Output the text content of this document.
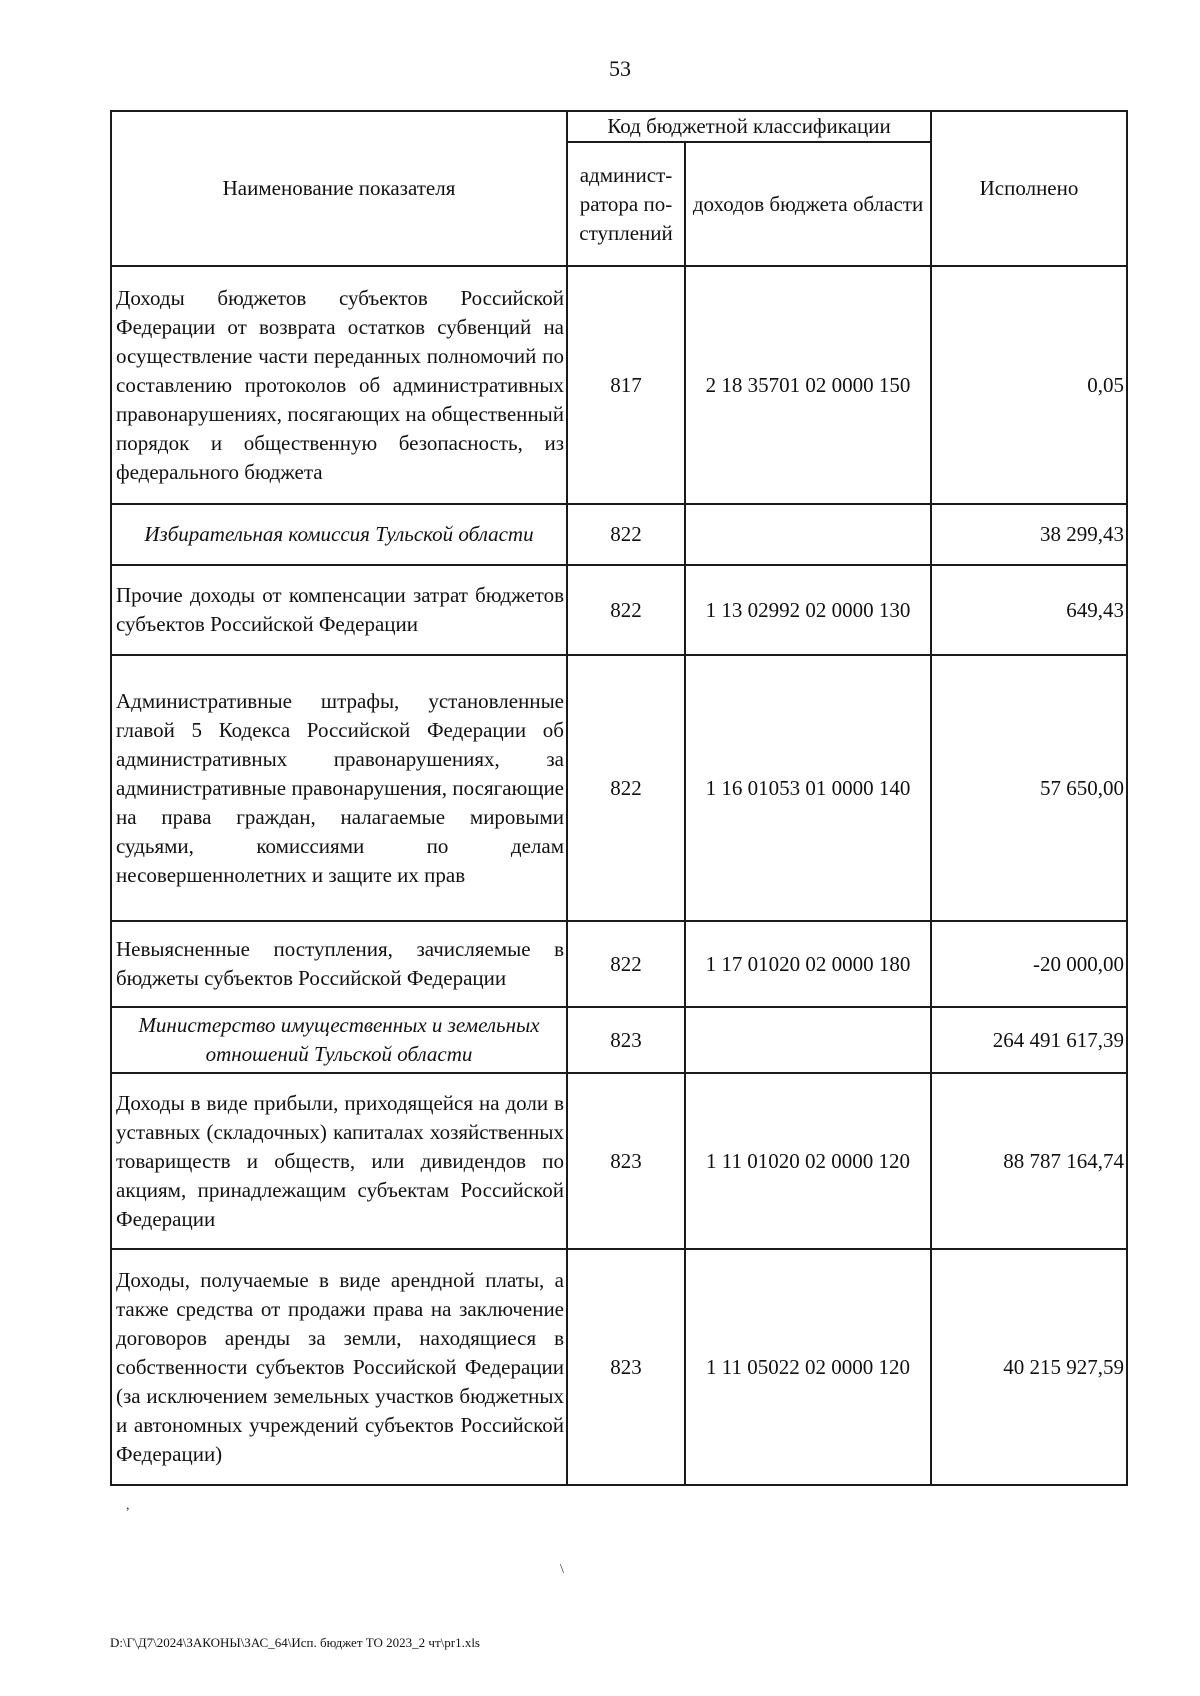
53
Наименование показателя	Код бюджетной классификации		Исполнено
	админист-ратора по-ступлений	доходов бюджета области	
Доходы бюджетов субъектов Российской Федерации от возврата остатков субвенций на осуществление части переданных полномочий по составлению протоколов об административных правонарушениях, посягающих на общественный порядок и общественную безопасность, из федерального бюджета	817	2 18 35701 02 0000 150	0,05
Избирательная комиссия Тульской области	822		38 299,43
Прочие доходы от компенсации затрат бюджетов субъектов Российской Федерации	822	1 13 02992 02 0000 130	649,43
Административные штрафы, установленные главой 5 Кодекса Российской Федерации об административных правонарушениях, за административные правонарушения, посягающие на права граждан, налагаемые мировыми судьями, комиссиями по делам несовершеннолетних и защите их прав	822	1 16 01053 01 0000 140	57 650,00
Невыясненные поступления, зачисляемые в бюджеты субъектов Российской Федерации	822	1 17 01020 02 0000 180	-20 000,00
Министерство имущественных и земельных отношений Тульской области	823		264 491 617,39
Доходы в виде прибыли, приходящейся на доли в уставных (складочных) капиталах хозяйственных товариществ и обществ, или дивидендов по акциям, принадлежащим субъектам Российской Федерации	823	1 11 01020 02 0000 120	88 787 164,74
Доходы, получаемые в виде арендной платы, а также средства от продажи права на заключение договоров аренды за земли, находящиеся в собственности субъектов Российской Федерации (за исключением земельных участков бюджетных и автономных учреждений субъектов Российской Федерации)	823	1 11 05022 02 0000 120	40 215 927,59
,
\
D:\Г\Д7\2024\ЗАКОНЫ\ЗАС_64\Исп. бюджет ТО 2023_2 чт\pr1.xls
